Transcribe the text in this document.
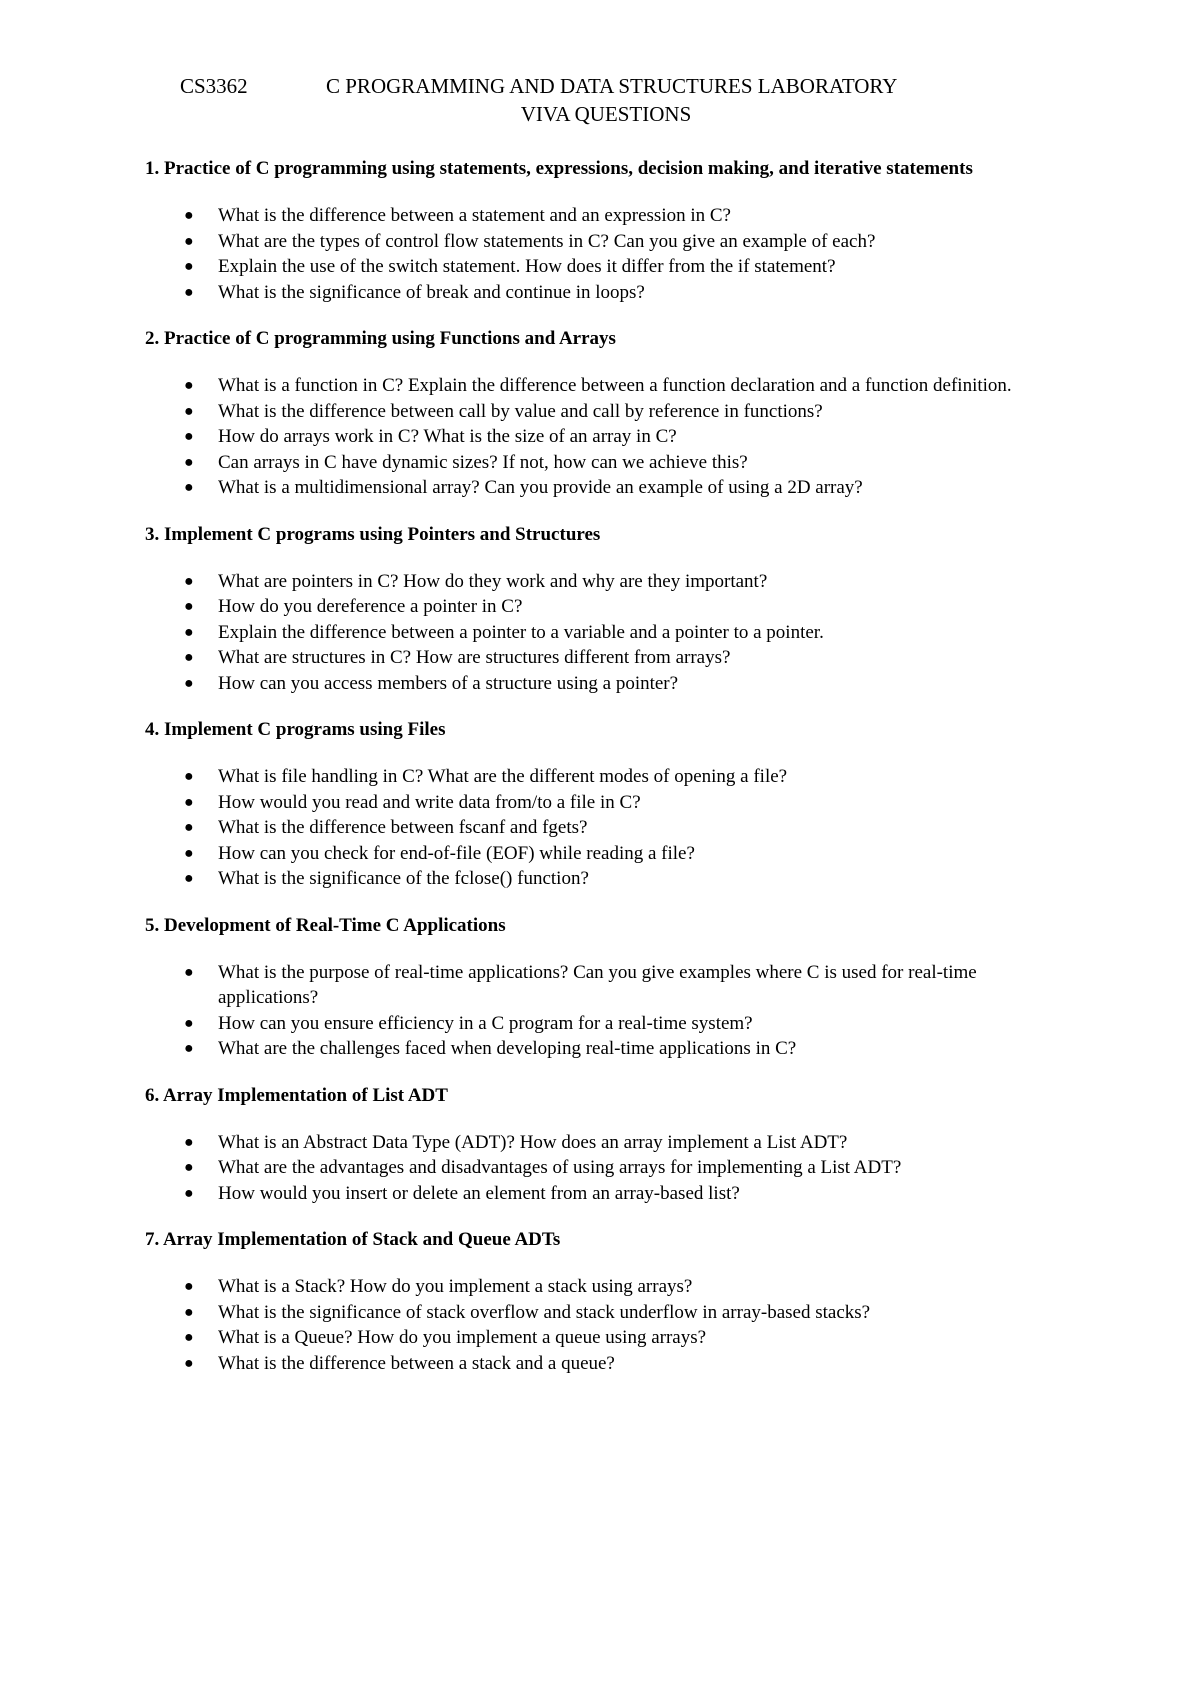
CS3362	C PROGRAMMING AND DATA STRUCTURES LABORATORY
VIVA QUESTIONS
1. Practice of C programming using statements, expressions, decision making, and iterative statements
● What is the difference between a statement and an expression in C?
● What are the types of control flow statements in C? Can you give an example of each?
● Explain the use of the switch statement. How does it differ from the if statement?
● What is the significance of break and continue in loops?
2. Practice of C programming using Functions and Arrays
● What is a function in C? Explain the difference between a function declaration and a function definition.
● What is the difference between call by value and call by reference in functions?
● How do arrays work in C? What is the size of an array in C?
● Can arrays in C have dynamic sizes? If not, how can we achieve this?
● What is a multidimensional array? Can you provide an example of using a 2D array?
3. Implement C programs using Pointers and Structures
● What are pointers in C? How do they work and why are they important?
● How do you dereference a pointer in C?
● Explain the difference between a pointer to a variable and a pointer to a pointer.
● What are structures in C? How are structures different from arrays?
● How can you access members of a structure using a pointer?
4. Implement C programs using Files
● What is file handling in C? What are the different modes of opening a file?
● How would you read and write data from/to a file in C?
● What is the difference between fscanf and fgets?
● How can you check for end-of-file (EOF) while reading a file?
● What is the significance of the fclose() function?
5. Development of Real-Time C Applications
● What is the purpose of real-time applications? Can you give examples where C is used for real-time applications?
● How can you ensure efficiency in a C program for a real-time system?
● What are the challenges faced when developing real-time applications in C?
6. Array Implementation of List ADT
● What is an Abstract Data Type (ADT)? How does an array implement a List ADT?
● What are the advantages and disadvantages of using arrays for implementing a List ADT?
● How would you insert or delete an element from an array-based list?
7. Array Implementation of Stack and Queue ADTs
● What is a Stack? How do you implement a stack using arrays?
● What is the significance of stack overflow and stack underflow in array-based stacks?
● What is a Queue? How do you implement a queue using arrays?
● What is the difference between a stack and a queue?
